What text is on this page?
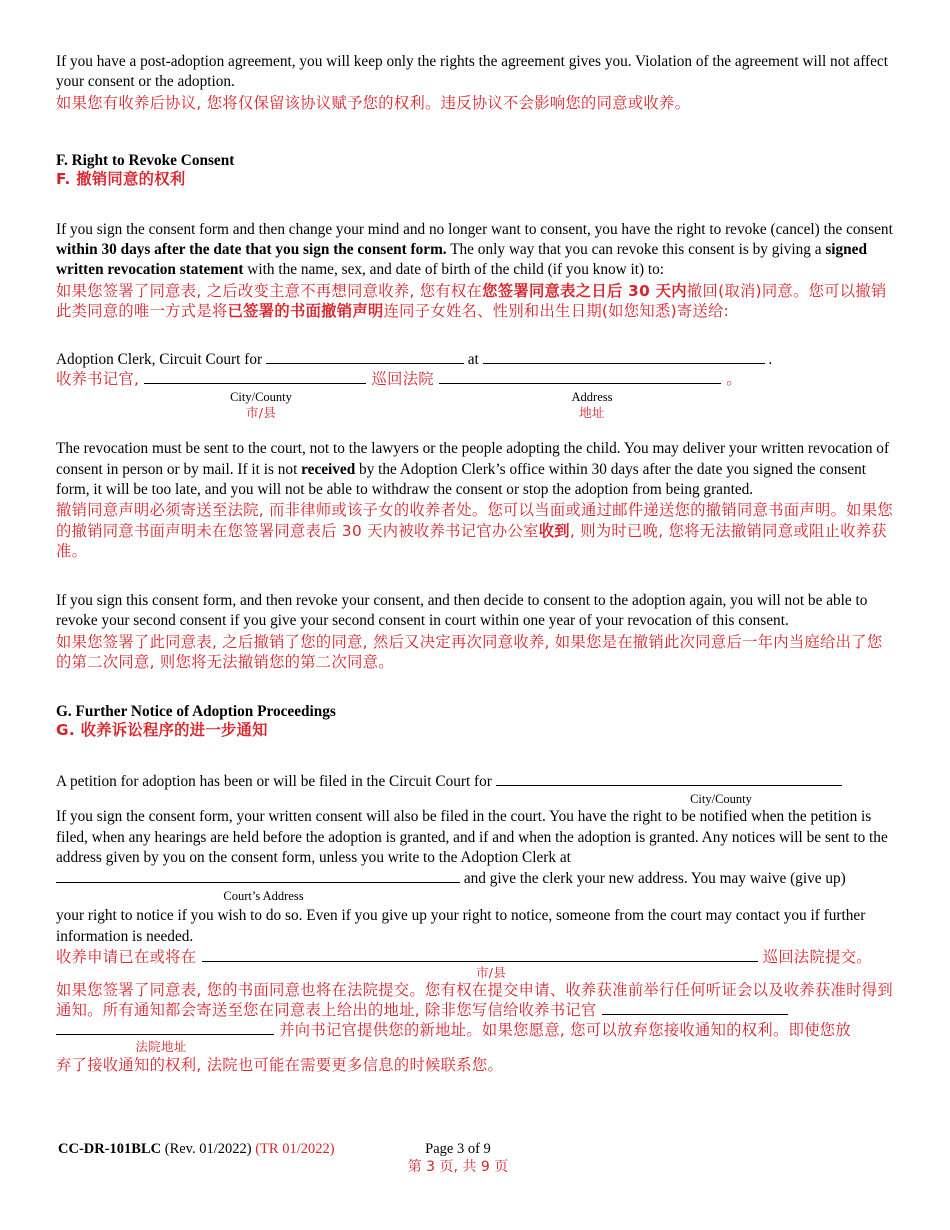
If you have a post-adoption agreement, you will keep only the rights the agreement gives you. Violation of the agreement will not affect your consent or the adoption.
如果您有收养后协议, 您将仅保留该协议赋予您的权利。违反协议不会影响您的同意或收养。
F. Right to Revoke Consent
F. 撤销同意的权利
If you sign the consent form and then change your mind and no longer want to consent, you have the right to revoke (cancel) the consent within 30 days after the date that you sign the consent form. The only way that you can revoke this consent is by giving a signed written revocation statement with the name, sex, and date of birth of the child (if you know it) to:
如果您签署了同意表, 之后改变主意不再想同意收养, 您有权在您签署同意表之日后 30 天内撤回(取消)同意。您可以撤销此类同意的唯一方式是将已签署的书面撤销声明连同子女姓名、性别和出生日期(如您知悉)寄送给:
Adoption Clerk, Circuit Court for	at	.
收养书记官,	巡回法院	。
City/County
市/县
Address
地址
The revocation must be sent to the court, not to the lawyers or the people adopting the child. You may deliver your written revocation of consent in person or by mail. If it is not received by the Adoption Clerk’s office within 30 days after the date you signed the consent form, it will be too late, and you will not be able to withdraw the consent or stop the adoption from being granted.
撤销同意声明必须寄送至法院, 而非律师或该子女的收养者处。您可以当面或通过邮件递送您的撤销同意书面声明。如果您的撤销同意书面声明未在您签署同意表后 30 天内被收养书记官办公室收到, 则为时已晚, 您将无法撤销同意或阻止收养获准。
If you sign this consent form, and then revoke your consent, and then decide to consent to the adoption again, you will not be able to revoke your second consent if you give your second consent in court within one year of your revocation of this consent.
如果您签署了此同意表, 之后撤销了您的同意, 然后又决定再次同意收养, 如果您是在撤销此次同意后一年内当庭给出了您的第二次同意, 则您将无法撤销您的第二次同意。
G. Further Notice of Adoption Proceedings
G. 收养诉讼程序的进一步通知
A petition for adoption has been or will be filed in the Circuit Court for
City/County
If you sign the consent form, your written consent will also be filed in the court. You have the right to be notified when the petition is filed, when any hearings are held before the adoption is granted, and if and when the adoption is granted. Any notices will be sent to the address given by you on the consent form, unless you write to the Adoption Clerk at
and give the clerk your new address. You may waive (give up)
Court’s Address
your right to notice if you wish to do so. Even if you give up your right to notice, someone from the court may contact you if further information is needed.
收养申请已在或将在	巡回法院提交。
市/县
如果您签署了同意表, 您的书面同意也将在法院提交。您有权在提交申请、收养获准前举行任何听证会以及收养获准时得到通知。所有通知都会寄送至您在同意表上给出的地址, 除非您写信给收养书记官
并向书记官提供您的新地址。如果您愿意, 您可以放弃您接收通知的权利。即使您放
法院地址
弃了接收通知的权利, 法院也可能在需要更多信息的时候联系您。
CC-DR-101BLC (Rev. 01/2022) (TR 01/2022)	Page 3 of 9
第 3 页, 共 9 页
